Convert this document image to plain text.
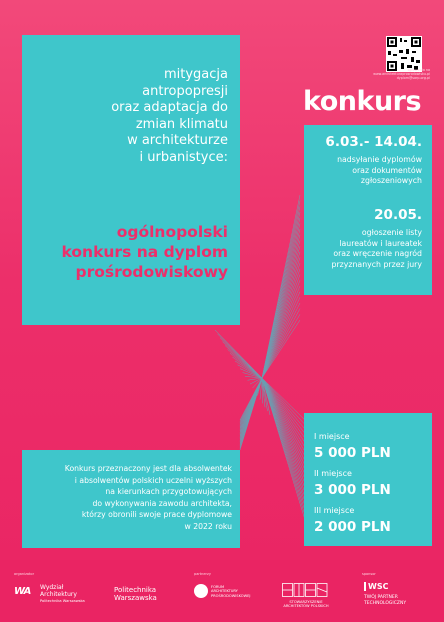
mitygacja
antropopresji
oraz adaptacja do
zmian klimatu
w architekturze
i urbanistyce:
ogólnopolski
konkurs na dyplom
prośrodowiskowy
zgłoszenia na
www.architekturaprosrodowisku.pl
dyplom@sarp.org.pl
konkurs

6.03.- 14.04.

nadsyłanie dyplomów
oraz dokumentów
zgłoszeniowych

20.05.

ogłoszenie listy
laureatów i laureatek
oraz wręczenie nagród
przyznanych przez jury

I miejsce
5 000 PLN
II miejsce
3 000 PLN
III miejsce
2 000 PLN
Konkurs przeznaczony jest dla absolwentek
i absolwentów polskich uczelni wyższych
na kierunkach przygotowujących
do wykonywania zawodu architekta,
którzy obronili swoje prace dyplomowe
w 2022 roku
organizator	partnerzy	sponsor
WA Wydział
Architektury
Politechnika Warszawska
Politechnika
Warszawska
FORUM
ARCHITEKTURY
PROŚRODOWISKOWEJ
STOWARZYSZENIE ARCHITEKTÓW POLSKICH
WSC
TWÓJ PARTNER
TECHNOLOGICZNY
